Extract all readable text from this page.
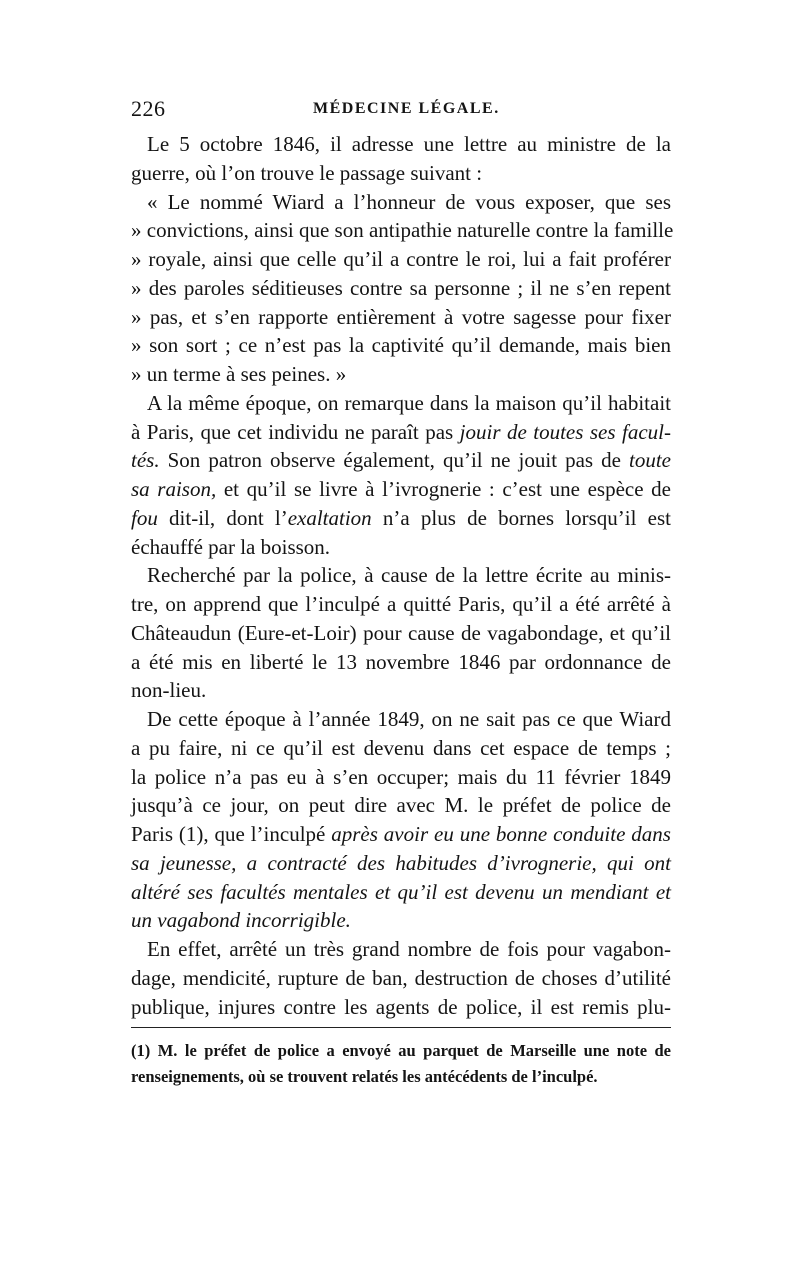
226	MÉDECINE LÉGALE.
Le 5 octobre 1846, il adresse une lettre au ministre de la
guerre, où l’on trouve le passage suivant :
« Le nommé Wiard a l’honneur de vous exposer, que ses
» convictions, ainsi que son antipathie naturelle contre la famille
» royale, ainsi que celle qu’il a contre le roi, lui a fait proférer
» des paroles séditieuses contre sa personne ; il ne s’en repent
» pas, et s’en rapporte entièrement à votre sagesse pour fixer
» son sort ; ce n’est pas la captivité qu’il demande, mais bien
» un terme à ses peines. »
A la même époque, on remarque dans la maison qu’il habitait
à Paris, que cet individu ne paraît pas jouir de toutes ses facul-
tés. Son patron observe également, qu’il ne jouit pas de toute
sa raison, et qu’il se livre à l’ivrognerie : c’est une espèce de
fou dit-il, dont l’exaltation n’a plus de bornes lorsqu’il est
échauffé par la boisson.
Recherché par la police, à cause de la lettre écrite au minis-
tre, on apprend que l’inculpé a quitté Paris, qu’il a été arrêté à
Châteaudun (Eure-et-Loir) pour cause de vagabondage, et qu’il
a été mis en liberté le 13 novembre 1846 par ordonnance de
non-lieu.
De cette époque à l’année 1849, on ne sait pas ce que Wiard
a pu faire, ni ce qu’il est devenu dans cet espace de temps ;
la police n’a pas eu à s’en occuper; mais du 11 février 1849
jusqu’à ce jour, on peut dire avec M. le préfet de police de
Paris (1), que l’inculpé après avoir eu une bonne conduite dans
sa jeunesse, a contracté des habitudes d’ivrognerie, qui ont
altéré ses facultés mentales et qu’il est devenu un mendiant et
un vagabond incorrigible.
En effet, arrêté un très grand nombre de fois pour vagabon-
dage, mendicité, rupture de ban, destruction de choses d’utilité
publique, injures contre les agents de police, il est remis plu-
(1) M. le préfet de police a envoyé au parquet de Marseille une note de
renseignements, où se trouvent relatés les antécédents de l’inculpé.
